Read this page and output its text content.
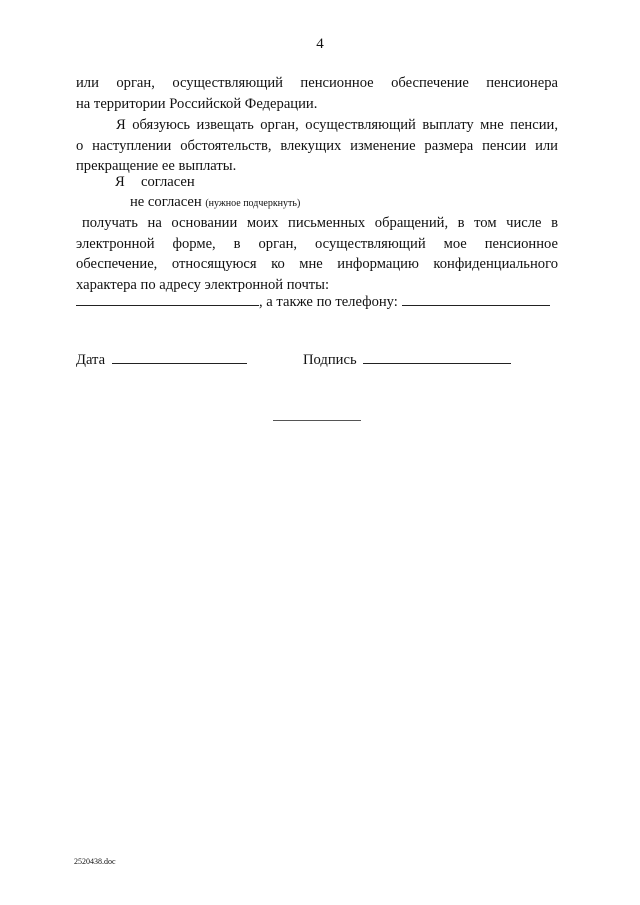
4
или орган, осуществляющий пенсионное обеспечение пенсионера
на территории Российской Федерации.
Я обязуюсь извещать орган, осуществляющий выплату мне пенсии,
о наступлении обстоятельств, влекущих изменение размера пенсии или
прекращение ее выплаты.
Я согласен
не согласен (нужное подчеркнуть)
получать на основании моих письменных обращений, в том числе в
электронной форме, в орган, осуществляющий мое пенсионное
обеспечение, относящуюся ко мне информацию конфиденциального
характера по адресу электронной почты:
, а также по телефону:
Дата	Подпись
2520438.doc
